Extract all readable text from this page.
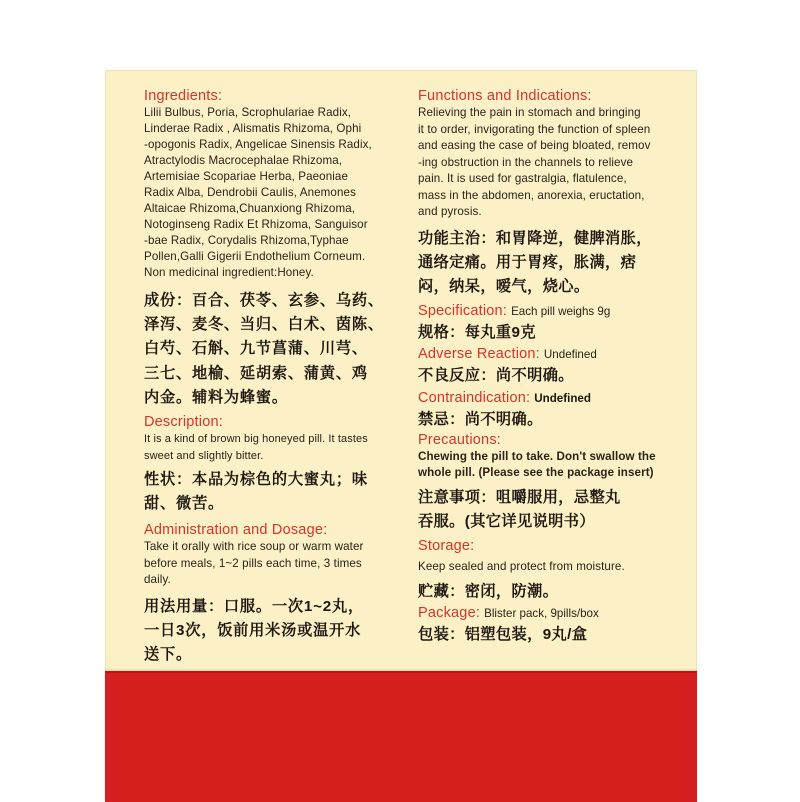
Ingredients:
Lilii Bulbus, Poria, Scrophulariae Radix,
Linderae Radix , Alismatis Rhizoma, Ophi
-opogonis Radix, Angelicae Sinensis Radix,
Atractylodis Macrocephalae Rhizoma,
Artemisiae Scopariae Herba, Paeoniae
Radix Alba, Dendrobii Caulis, Anemones
Altaicae Rhizoma,Chuanxiong Rhizoma,
Notoginseng Radix Et Rhizoma, Sanguisor
-bae Radix, Corydalis Rhizoma,Typhae
Pollen,Galli Gigerii Endothelium Corneum.
Non medicinal ingredient:Honey.
成份：百合、茯苓、玄参、乌药、
泽泻、麦冬、当归、白术、茵陈、
白芍、石斛、九节菖蒲、川芎、
三七、地榆、延胡索、蒲黄、鸡
内金。辅料为蜂蜜。
Description:
It is a kind of brown big honeyed pill. It tastes
sweet and slightly bitter.
性状：本品为棕色的大蜜丸；味
甜、微苦。
Administration and Dosage:
Take it orally with rice soup or warm water
before meals, 1~2 pills each time, 3 times
daily.
用法用量：口服。一次1~2丸，
一日3次，饭前用米汤或温开水
送下。
Functions and Indications:
Relieving the pain in stomach and bringing
it to order, invigorating the function of spleen
and easing the case of being bloated, remov
-ing obstruction in the channels to relieve
pain. It is used for gastralgia, flatulence,
mass in the abdomen, anorexia, eructation,
and pyrosis.
功能主治：和胃降逆，健脾消胀，
通络定痛。用于胃疼，胀满，痞
闷，纳呆，嗳气，烧心。
Specification: Each pill weighs 9g
规格：每丸重9克
Adverse Reaction: Undefined
不良反应：尚不明确。
Contraindication: Undefined
禁忌：尚不明确。
Precautions:
Chewing the pill to take. Don't swallow the
whole pill. (Please see the package insert)
注意事项：咀嚼服用，忌整丸
吞服。(其它详见说明书）
Storage:
Keep sealed and protect from moisture.
贮藏：密闭，防潮。
Package: Blister pack, 9pills/box
包装：铝塑包装，9丸/盒
